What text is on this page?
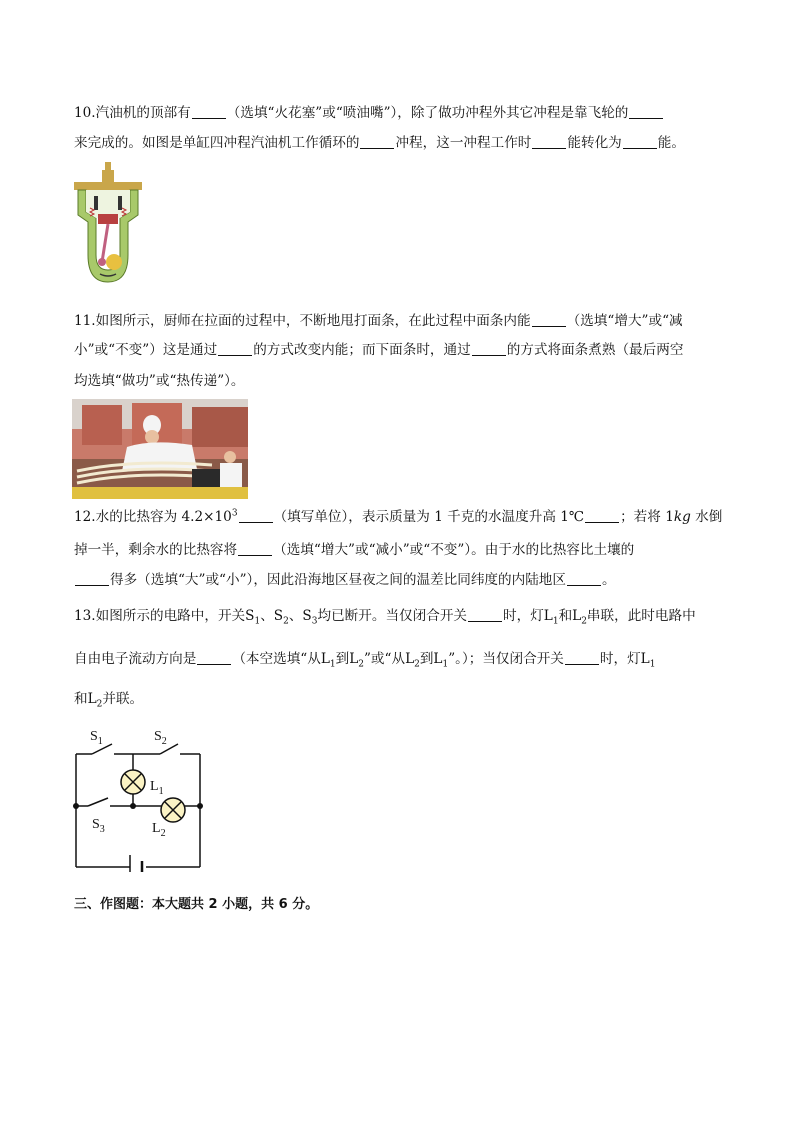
10.汽油机的顶部有	（选填“火花塞”或“喷油嘴”），除了做功冲程外其它冲程是靠飞轮的
来完成的。如图是单缸四冲程汽油机工作循环的	冲程，这一冲程工作时	能转化为	能。
11.如图所示，厨师在拉面的过程中，不断地甩打面条，在此过程中面条内能	（选填“增大”或“减
小”或“不变”）这是通过	的方式改变内能；而下面条时，通过	的方式将面条煮熟（最后两空
均选填“做功”或“热传递”）。
12.水的比热容为 $4.2\times 10^3$	（填写单位），表示质量为 1 千克的水温度升高 1℃	；若将 1kg 水倒
掉一半，剩余水的比热容将	（选填“增大”或“减小”或“不变”）。由于水的比热容比土壤的
得多（选填“大”或“小”），因此沿海地区昼夜之间的温差比同纬度的内陆地区	。
13.如图所示的电路中，开关$S_1$、$S_2$、$S_3$均已断开。当仅闭合开关	时，灯$L_1$和$L_2$串联，此时电路中
自由电子流动方向是	（本空选填“从$L_1$到$L_2$”或“从$L_2$到$L_1$”。）；当仅闭合开关	时，灯$L_1$
和$L_2$并联。
$S_1$	$S_2$
$L_1$
$S_3$	$L_2$
三、作图题：本大题共 2 小题，共 6 分。
